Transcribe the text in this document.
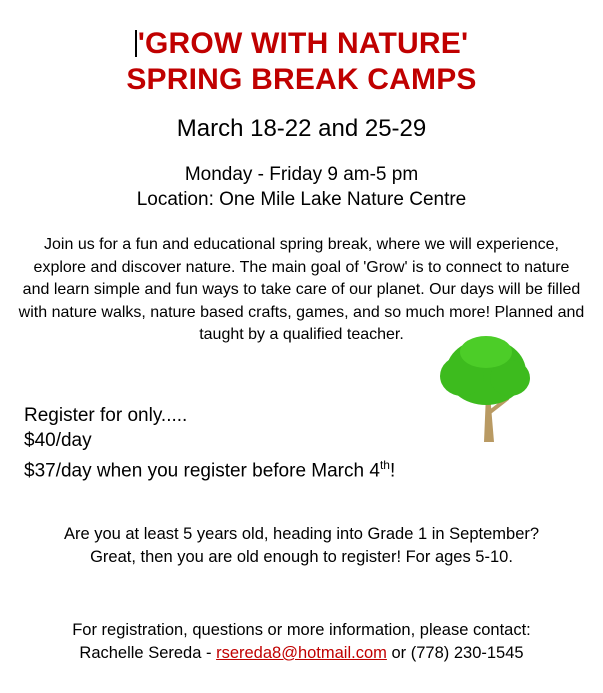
'GROW WITH NATURE'
SPRING BREAK CAMPS
March 18-22 and 25-29
Monday - Friday 9 am-5 pm
Location: One Mile Lake Nature Centre
Join us for a fun and educational spring break, where we will experience, explore and discover nature. The main goal of 'Grow' is to connect to nature and learn simple and fun ways to take care of our planet. Our days will be filled with nature walks, nature based crafts, games, and so much more! Planned and taught by a qualified teacher.
Register for only.....
$40/day
$37/day when you register before March 4th!
Are you at least 5 years old, heading into Grade 1 in September?
Great, then you are old enough to register! For ages 5-10.
For registration, questions or more information, please contact:
Rachelle Sereda - rsereda8@hotmail.com or (778) 230-1545
